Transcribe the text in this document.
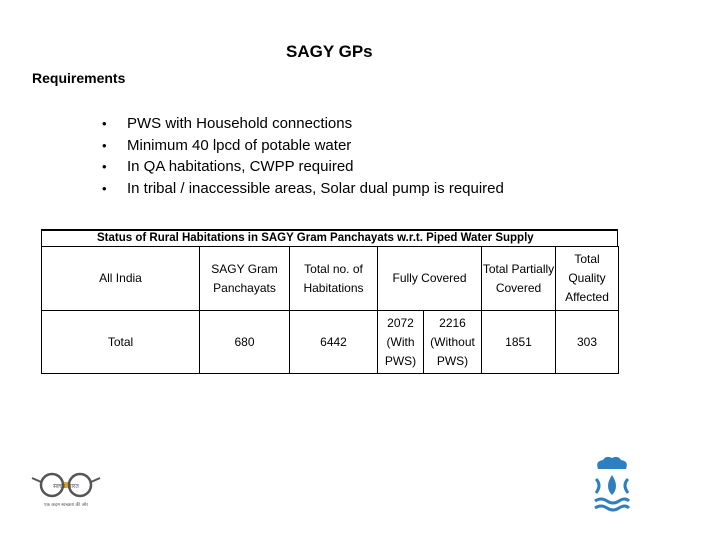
SAGY GPs
Requirements
• PWS with Household connections
• Minimum 40 lpcd of potable water
• In QA habitations, CWPP required
• In tribal / inaccessible areas, Solar dual pump is required
Status of Rural Habitations in SAGY Gram Panchayats w.r.t. Piped Water Supply
All India	SAGY Gram Panchayats	Total no. of Habitations	Fully Covered		Total Partially Covered	Total Quality Affected
Total	680	6442	2072 (With PWS)	2216 (Without PWS)	1851	303
स्वच्छ भारत
एक कदम स्वच्छता की ओर
